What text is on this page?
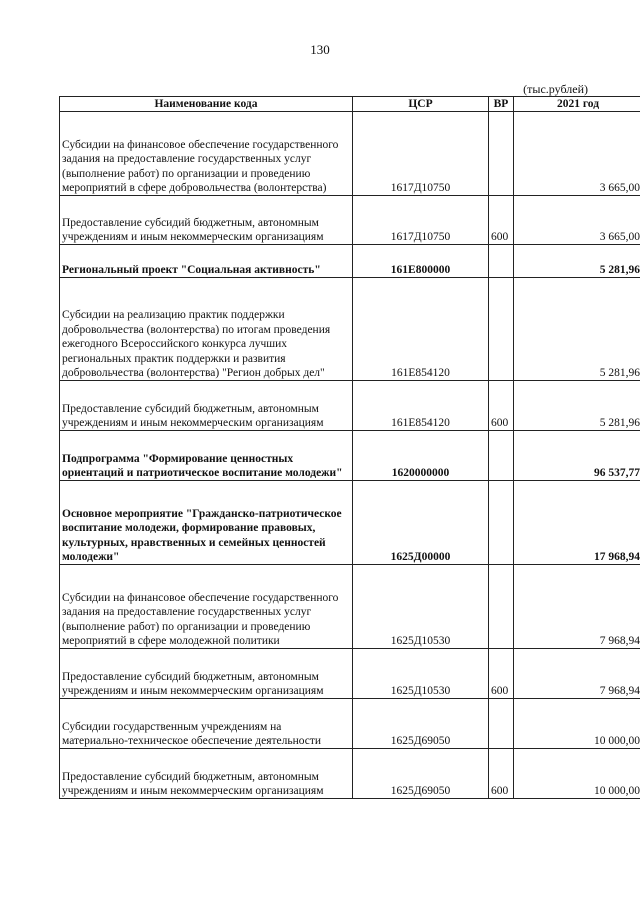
130
(тыс.рублей)
Наименование кода	ЦСР	ВР	2021 год
Субсидии на финансовое обеспечение государственного задания на предоставление государственных услуг (выполнение работ) по организации и проведению мероприятий в сфере добровольчества (волонтерства)	1617Д10750		3 665,00
Предоставление субсидий бюджетным, автономным учреждениям и иным некоммерческим организациям	1617Д10750	600	3 665,00
Региональный проект "Социальная активность"	161E800000		5 281,96
Субсидии на реализацию практик поддержки добровольчества (волонтерства) по итогам проведения ежегодного Всероссийского конкурса лучших региональных практик поддержки и развития добровольчества (волонтерства) "Регион добрых дел"	161E854120		5 281,96
Предоставление субсидий бюджетным, автономным учреждениям и иным некоммерческим организациям	161E854120	600	5 281,96
Подпрограмма "Формирование ценностных ориентаций и патриотическое воспитание молодежи"	1620000000		96 537,77
Основное мероприятие "Гражданско-патриотическое воспитание молодежи, формирование правовых, культурных, нравственных и семейных ценностей молодежи"	1625Д00000		17 968,94
Субсидии на финансовое обеспечение государственного задания на предоставление государственных услуг (выполнение работ) по организации и проведению мероприятий в сфере молодежной политики	1625Д10530		7 968,94
Предоставление субсидий бюджетным, автономным учреждениям и иным некоммерческим организациям	1625Д10530	600	7 968,94
Субсидии государственным учреждениям на материально-техническое обеспечение деятельности	1625Д69050		10 000,00
Предоставление субсидий бюджетным, автономным учреждениям и иным некоммерческим организациям	1625Д69050	600	10 000,00
